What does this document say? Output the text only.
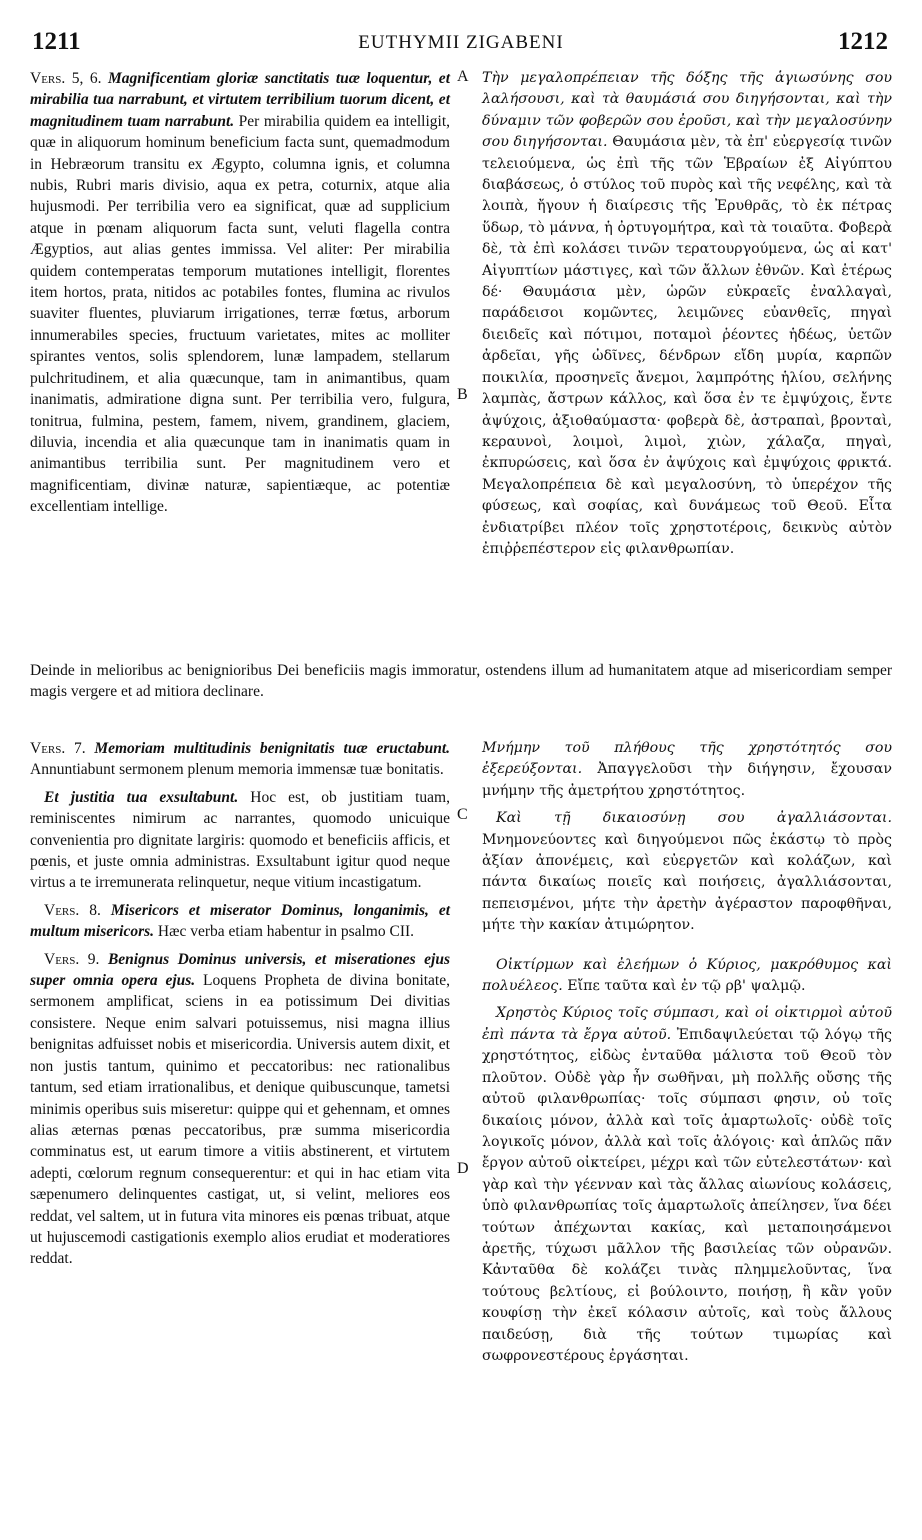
1211	EUTHYMII ZIGABENI	1212

Vers. 5, 6. Magnificentiam gloriæ sanctitatis tuæ loquentur, et mirabilia tua narrabunt, et virtutem terribilium tuorum dicent, et magnitudinem tuam narrabunt. Per mirabilia quidem ea intelligit, quæ in aliquorum hominum beneficium facta sunt, quemadmodum in Hebræorum transitu ex Ægypto, columna ignis, et columna nubis, Rubri maris divisio, aqua ex petra, coturnix, atque alia hujusmodi. Per terribilia vero ea significat, quæ ad supplicium atque in pœnam aliquorum facta sunt, veluti flagella contra Ægyptios, aut alias gentes immissa. Vel aliter: Per mirabilia quidem contemperatas temporum mutationes intelligit, florentes item hortos, prata, nitidos ac potabiles fontes, flumina ac rivulos suaviter fluentes, pluviarum irrigationes, terræ fœtus, arborum innumerabiles species, fructuum varietates, mites ac molliter spirantes ventos, solis splendorem, lunæ lampadem, stellarum pulchritudinem, et alia quæcunque, tam in animantibus, quam inanimatis, admiratione digna sunt. Per terribilia vero, fulgura, tonitrua, fulmina, pestem, famem, nivem, grandinem, glaciem, diluvia, incendia et alia quæcunque tam in inanimatis quam in animantibus terribilia sunt. Per magnitudinem vero et magnificentiam, divinæ naturæ, sapientiæque, ac potentiæ excellentiam intellige.

Τὴν μεγαλοπρέπειαν τῆς δόξης τῆς ἁγιωσύνης σου λαλήσουσι, καὶ τὰ θαυμάσιά σου διηγήσονται, καὶ τὴν δύναμιν τῶν φοβερῶν σου ἐροῦσι, καὶ τὴν μεγαλοσύνην σου διηγήσονται. Θαυμάσια μὲν, τὰ ἐπ' εὐεργεσίᾳ τινῶν τελειούμενα, ὡς ἐπὶ τῆς τῶν Ἑβραίων ἐξ Αἰγύπτου διαβάσεως, ὁ στύλος τοῦ πυρὸς καὶ τῆς νεφέλης, καὶ τὰ λοιπὰ, ἤγουν ἡ διαίρεσις τῆς Ἐρυθρᾶς, τὸ ἐκ πέτρας ὕδωρ, τὸ μάννα, ἡ ὀρτυγομήτρα, καὶ τὰ τοιαῦτα. Φοβερὰ δὲ, τὰ ἐπὶ κολάσει τινῶν τερατουργούμενα, ὡς αἱ κατ' Αἰγυπτίων μάστιγες, καὶ τῶν ἄλλων ἐθνῶν. Καὶ ἑτέρως δέ· Θαυμάσια μὲν, ὡρῶν εὐκραεῖς ἐναλλαγαὶ, παράδεισοι κομῶντες, λειμῶνες εὐανθεῖς, πηγαὶ διειδεῖς καὶ πότιμοι, ποταμοὶ ῥέοντες ἡδέως, ὑετῶν ἀρδεῖαι, γῆς ὠδῖνες, δένδρων εἴδη μυρία, καρπῶν ποικιλία, προσηνεῖς ἄνεμοι, λαμπρότης ἡλίου, σελήνης λαμπὰς, ἄστρων κάλλος, καὶ ὅσα ἐν τε ἐμψύχοις, ἔντε ἀψύχοις, ἀξιοθαύμαστα· φοβερὰ δὲ, ἀστραπαὶ, βρονταὶ, κεραυνοὶ, λοιμοὶ, λιμοὶ, χιὼν, χάλαζα, πηγαὶ, ἐκπυρώσεις, καὶ ὅσα ἐν ἀψύχοις καὶ ἐμψύχοις φρικτά. Μεγαλοπρέπεια δὲ καὶ μεγαλοσύνη, τὸ ὑπερέχον τῆς φύσεως, καὶ σοφίας, καὶ δυνάμεως τοῦ Θεοῦ. Εἶτα ἐνδιατρίβει πλέον τοῖς χρηστοτέροις, δεικνὺς αὐτὸν ἐπιῤῥεπέστερον εἰς φιλανθρωπίαν.

A
B
Deinde in melioribus ac benignioribus Dei beneficiis magis immoratur, ostendens illum ad humanitatem atque ad misericordiam semper magis vergere et ad mitiora declinare.

Vers. 7. Memoriam multitudinis benignitatis tuæ eructabunt. Annuntiabunt sermonem plenum memoria immensæ tuæ bonitatis.

Et justitia tua exsultabunt. Hoc est, ob justitiam tuam, reminiscentes nimirum ac narrantes, quomodo unicuique convenientia pro dignitate largiris: quomodo et beneficiis afficis, et pœnis, et juste omnia administras. Exsultabunt igitur quod neque virtus a te irremunerata relinquetur, neque vitium incastigatum.

Vers. 8. Misericors et miserator Dominus, longanimis, et multum misericors. Hæc verba etiam habentur in psalmo CII.

Vers. 9. Benignus Dominus universis, et miserationes ejus super omnia opera ejus. Loquens Propheta de divina bonitate, sermonem amplificat, sciens in ea potissimum Dei divitias consistere. Neque enim salvari potuissemus, nisi magna illius benignitas adfuisset nobis et misericordia. Universis autem dixit, et non justis tantum, quinimo et peccatoribus: nec rationalibus tantum, sed etiam irrationalibus, et denique quibuscunque, tametsi minimis operibus suis miseretur: quippe qui et gehennam, et omnes alias æternas pœnas peccatoribus, præ summa misericordia comminatus est, ut earum timore a vitiis abstinerent, et virtutem adepti, cœlorum regnum consequerentur: et qui in hac etiam vita sæpenumero delinquentes castigat, ut, si velint, meliores eos reddat, vel saltem, ut in futura vita minores eis pœnas tribuat, atque ut hujuscemodi castigationis exemplo alios erudiat et moderatiores reddat.

Μνήμην τοῦ πλήθους τῆς χρηστότητός σου ἐξερεύξονται. Ἀπαγγελοῦσι τὴν διήγησιν, ἔχουσαν μνήμην τῆς ἀμετρήτου χρηστότητος.

Καὶ τῇ δικαιοσύνῃ σου ἀγαλλιάσονται. Μνημονεύοντες καὶ διηγούμενοι πῶς ἑκάστῳ τὸ πρὸς ἀξίαν ἀπονέμεις, καὶ εὐεργετῶν καὶ κολάζων, καὶ πάντα δικαίως ποιεῖς καὶ ποιήσεις, ἀγαλλιάσονται, πεπεισμένοι, μήτε τὴν ἀρετὴν ἀγέραστον παροφθῆναι, μήτε τὴν κακίαν ἀτιμώρητον.

Οἰκτίρμων καὶ ἐλεήμων ὁ Κύριος, μακρόθυμος καὶ πολυέλεος. Εἴπε ταῦτα καὶ ἐν τῷ ρβ' ψαλμῷ.

Χρηστὸς Κύριος τοῖς σύμπασι, καὶ οἱ οἰκτιρμοὶ αὐτοῦ ἐπὶ πάντα τὰ ἔργα αὐτοῦ. Ἐπιδαψιλεύεται τῷ λόγῳ τῆς χρηστότητος, εἰδὼς ἐνταῦθα μάλιστα τοῦ Θεοῦ τὸν πλοῦτον. Οὐδὲ γὰρ ἦν σωθῆναι, μὴ πολλῆς οὔσης τῆς αὐτοῦ φιλανθρωπίας· τοῖς σύμπασι φησιν, οὐ τοῖς δικαίοις μόνον, ἀλλὰ καὶ τοῖς ἁμαρτωλοῖς· οὐδὲ τοῖς λογικοῖς μόνον, ἀλλὰ καὶ τοῖς ἀλόγοις· καὶ ἁπλῶς πᾶν ἔργον αὐτοῦ οἰκτείρει, μέχρι καὶ τῶν εὐτελεστάτων· καὶ γὰρ καὶ τὴν γέενναν καὶ τὰς ἄλλας αἰωνίους κολάσεις, ὑπὸ φιλανθρωπίας τοῖς ἁμαρτωλοῖς ἀπείλησεν, ἵνα δέει τούτων ἀπέχωνται κακίας, καὶ μεταποιησάμενοι ἀρετῆς, τύχωσι μᾶλλον τῆς βασιλείας τῶν οὐρανῶν. Κἀνταῦθα δὲ κολάζει τινὰς πλημμελοῦντας, ἵνα τούτους βελτίους, εἰ βούλοιντο, ποιήσῃ, ἢ κἂν γοῦν κουφίσῃ τὴν ἐκεῖ κόλασιν αὐτοῖς, καὶ τοὺς ἄλλους παιδεύσῃ, διὰ τῆς τούτων τιμωρίας καὶ σωφρονεστέρους ἐργάσηται.

C
D
